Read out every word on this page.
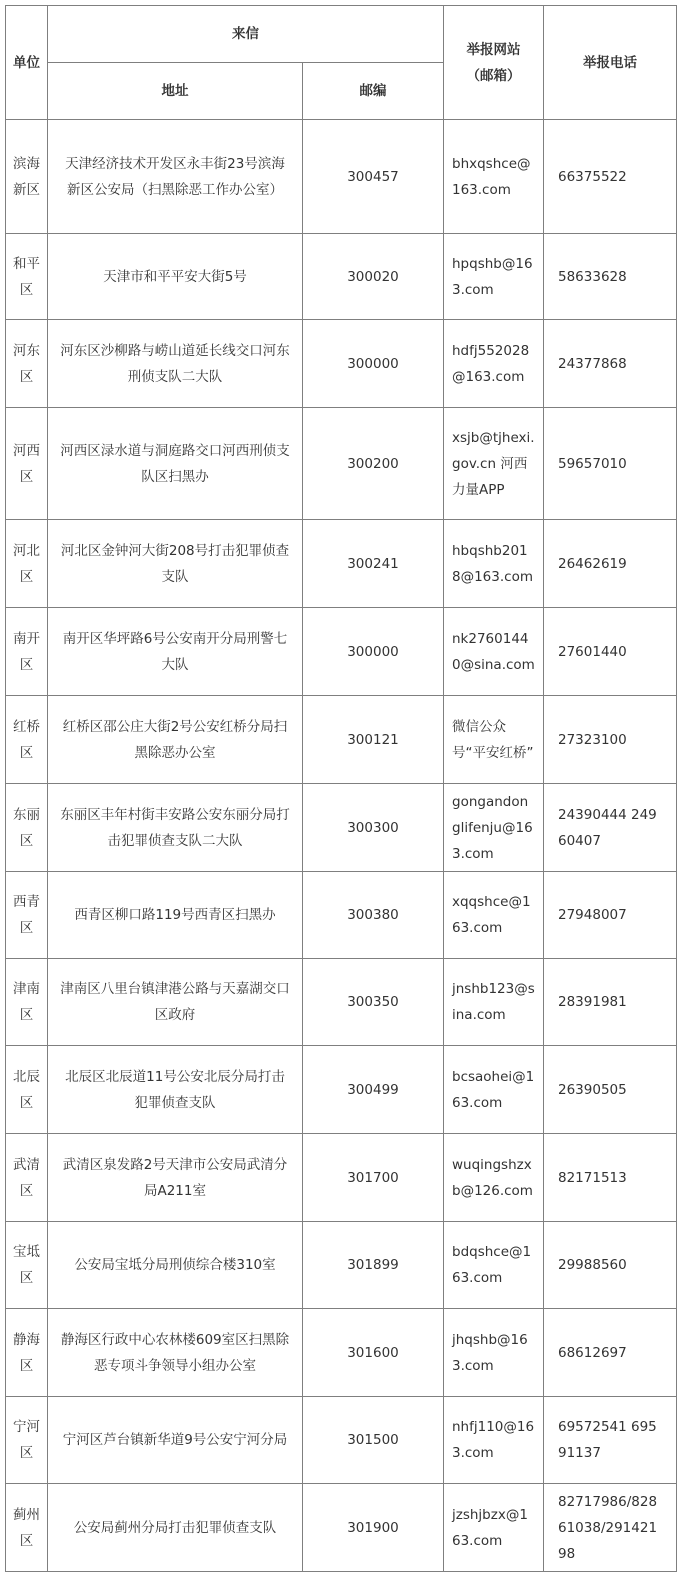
单位	来信		举报网站（邮箱）	举报电话
	地址	邮编		
滨海新区	天津经济技术开发区永丰街23号滨海新区公安局（扫黑除恶工作办公室）	300457	bhxqshce@163.com	66375522
和平区	天津市和平平安大街5号	300020	hpqshb@163.com	58633628
河东区	河东区沙柳路与崂山道延长线交口河东刑侦支队二大队	300000	hdfj552028@163.com	24377868
河西区	河西区渌水道与洞庭路交口河西刑侦支队区扫黑办	300200	xsjb@tjhexi.gov.cn 河西力量APP	59657010
河北区	河北区金钟河大街208号打击犯罪侦查支队	300241	hbqshb2018@163.com	26462619
南开区	南开区华坪路6号公安南开分局刑警七大队	300000	nk27601440@sina.com	27601440
红桥区	红桥区邵公庄大街2号公安红桥分局扫黑除恶办公室	300121	微信公众号“平安红桥”	27323100
东丽区	东丽区丰年村街丰安路公安东丽分局打击犯罪侦查支队二大队	300300	gongandonglifenju@163.com	24390444 24960407
西青区	西青区柳口路119号西青区扫黑办	300380	xqqshce@163.com	27948007
津南区	津南区八里台镇津港公路与天嘉湖交口区政府	300350	jnshb123@sina.com	28391981
北辰区	北辰区北辰道11号公安北辰分局打击犯罪侦查支队	300499	bcsaohei@163.com	26390505
武清区	武清区泉发路2号天津市公安局武清分局A211室	301700	wuqingshzxb@126.com	82171513
宝坻区	公安局宝坻分局刑侦综合楼310室	301899	bdqshce@163.com	29988560
静海区	静海区行政中心农林楼609室区扫黑除恶专项斗争领导小组办公室	301600	jhqshb@163.com	68612697
宁河区	宁河区芦台镇新华道9号公安宁河分局	301500	nhfj110@163.com	69572541 69591137
蓟州区	公安局蓟州分局打击犯罪侦查支队	301900	jzshjbzx@163.com	82717986/82861038/29142198
